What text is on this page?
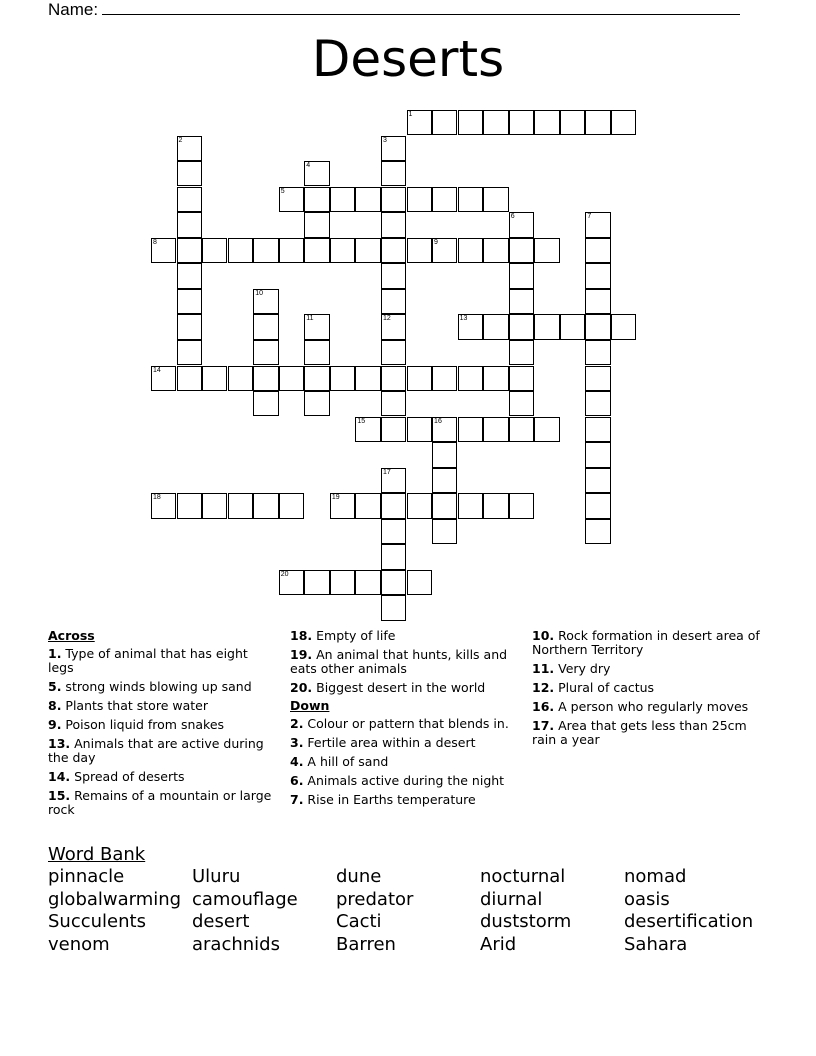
Name:
Deserts
1
5
8	9
13
14
15	16
18	19
20
2	3
12
4
6	7
10
11
17
Across
1. Type of animal that has eight legs
5. strong winds blowing up sand
8. Plants that store water
9. Poison liquid from snakes
13. Animals that are active during the day
14. Spread of deserts
15. Remains of a mountain or large rock
18. Empty of life
19. An animal that hunts, kills and eats other animals
20. Biggest desert in the world
Down
2. Colour or pattern that blends in.
3. Fertile area within a desert
4. A hill of sand
6. Animals active during the night
7. Rise in Earths temperature
10. Rock formation in desert area of Northern Territory
11. Very dry
12. Plural of cactus
16. A person who regularly moves
17. Area that gets less than 25cm rain a year
Word Bank
pinnacle	Uluru	dune	nocturnal	nomad
globalwarming camouflage	predator	diurnal	oasis
Succulents	desert	Cacti	duststorm	desertification
venom	arachnids	Barren	Arid	Sahara
